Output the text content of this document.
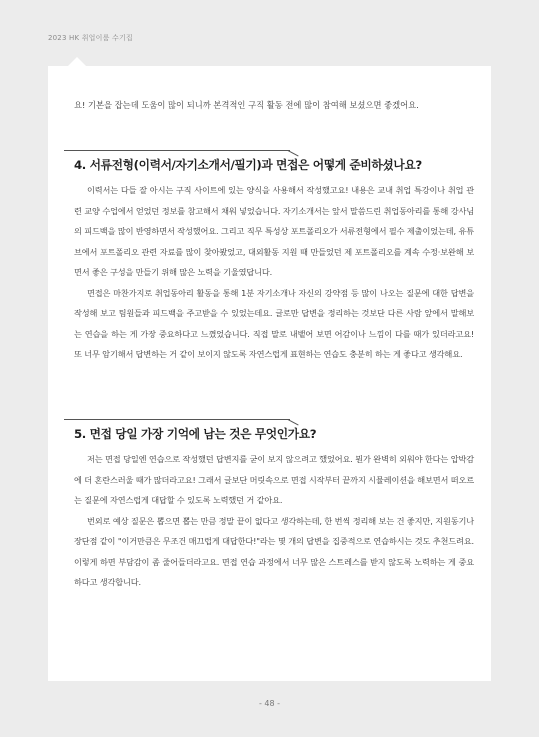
2023 HK 취업이룸 수기집
요! 기본을 잡는데 도움이 많이 되니까 본격적인 구직 활동 전에 많이 참여해 보셨으면 좋겠어요.
4. 서류전형(이력서/자기소개서/필기)과 면접은 어떻게 준비하셨나요?

이력서는 다들 잘 아시는 구직 사이트에 있는 양식을 사용해서 작성했고요! 내용은 교내 취업 특강이나 취업 관련 교양 수업에서 얻었던 정보를 참고해서 채워 넣었습니다. 자기소개서는 앞서 말씀드린 취업동아리를 통해 강사님의 피드백을 많이 반영하면서 작성했어요. 그리고 직무 특성상 포트폴리오가 서류전형에서 필수 제출이었는데, 유튜브에서 포트폴리오 관련 자료를 많이 찾아봤었고, 대외활동 지원 때 만들었던 제 포트폴리오를 계속 수정·보완해 보면서 좋은 구성을 만들기 위해 많은 노력을 기울였답니다.

면접은 마찬가지로 취업동아리 활동을 통해 1분 자기소개나 자신의 강약점 등 많이 나오는 질문에 대한 답변을 작성해 보고 팀원들과 피드백을 주고받을 수 있었는데요. 글로만 답변을 정리하는 것보단 다른 사람 앞에서 말해보는 연습을 하는 게 가장 중요하다고 느꼈었습니다. 직접 말로 내뱉어 보면 어감이나 느낌이 다를 때가 있더라고요! 또 너무 암기해서 답변하는 거 같이 보이지 않도록 자연스럽게 표현하는 연습도 충분히 하는 게 좋다고 생각해요.

5. 면접 당일 가장 기억에 남는 것은 무엇인가요?

저는 면접 당일엔 연습으로 작성했던 답변지를 굳이 보지 않으려고 했었어요. 뭔가 완벽히 외워야 한다는 압박감에 더 혼란스러울 때가 많더라고요! 그래서 글보단 머릿속으로 면접 시작부터 끝까지 시뮬레이션을 해보면서 떠오르는 질문에 자연스럽게 대답할 수 있도록 노력했던 거 같아요.

번외로 예상 질문은 뽑으면 뽑는 만큼 정말 끝이 없다고 생각하는데, 한 번씩 정리해 보는 건 좋지만, 지원동기나 장단점 같이 "이거만큼은 무조건 매끄럽게 대답한다!"라는 몇 개의 답변을 집중적으로 연습하시는 것도 추천드려요. 이렇게 하면 부담감이 좀 줄어들더라고요. 면접 연습 과정에서 너무 많은 스트레스를 받지 않도록 노력하는 게 중요하다고 생각합니다.

- 48 -
